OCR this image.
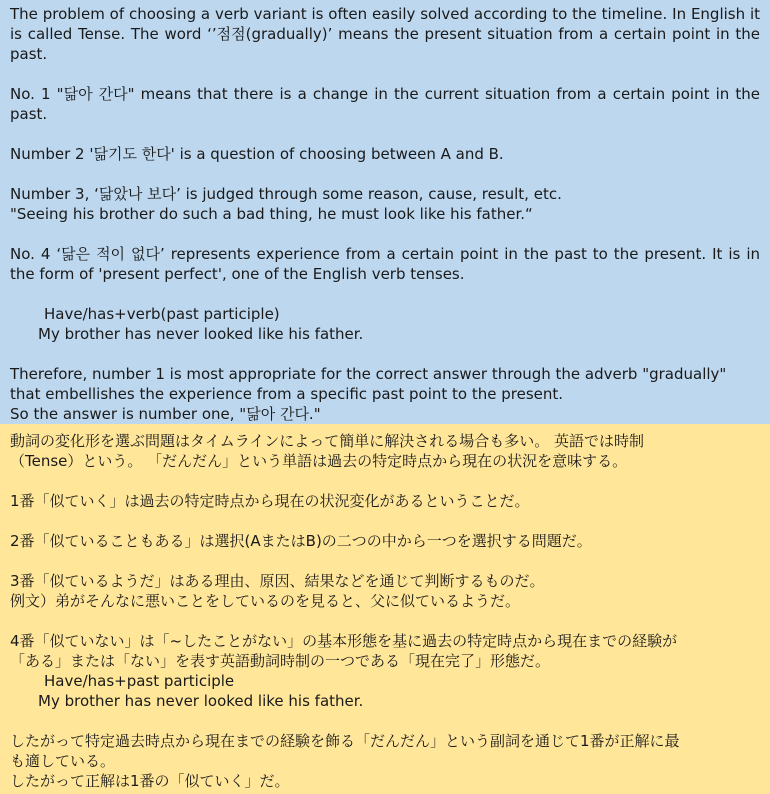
The problem of choosing a verb variant is often easily solved according to the timeline. In English it is called Tense. The word ‘’점점(gradually)’ means the present situation from a certain point in the past.

No. 1 "닮아 간다" means that there is a change in the current situation from a certain point in the past.

Number 2 '닮기도 한다' is a question of choosing between A and B.

Number 3, ‘닮았나 보다’ is judged through some reason, cause, result, etc.

"Seeing his brother do such a bad thing, he must look like his father.“

No. 4 ‘닮은 적이 없다’ represents experience from a certain point in the past to the present. It is in the form of 'present perfect', one of the English verb tenses.

Have/has+verb(past participle)

My brother has never looked like his father.

Therefore, number 1 is most appropriate for the correct answer through the adverb "gradually"

that embellishes the experience from a specific past point to the present.

So the answer is number one, "닮아 간다."

動詞の変化形を選ぶ問題はタイムラインによって簡単に解決される場合も多い。 英語では時制

（Tense）という。 「だんだん」という単語は過去の特定時点から現在の状況を意味する。

1番「似ていく」は過去の特定時点から現在の状況変化があるということだ。

2番「似ていることもある」は選択(AまたはB)の二つの中から一つを選択する問題だ。

3番「似ているようだ」はある理由、原因、結果などを通じて判断するものだ。

例文）弟がそんなに悪いことをしているのを見ると、父に似ているようだ。

4番「似ていない」は「~したことがない」の基本形態を基に過去の特定時点から現在までの経験が

「ある」または「ない」を表す英語動詞時制の一つである「現在完了」形態だ。

Have/has+past participle

My brother has never looked like his father.

したがって特定過去時点から現在までの経験を飾る「だんだん」という副詞を通じて1番が正解に最

も適している。

したがって正解は1番の「似ていく」だ。
